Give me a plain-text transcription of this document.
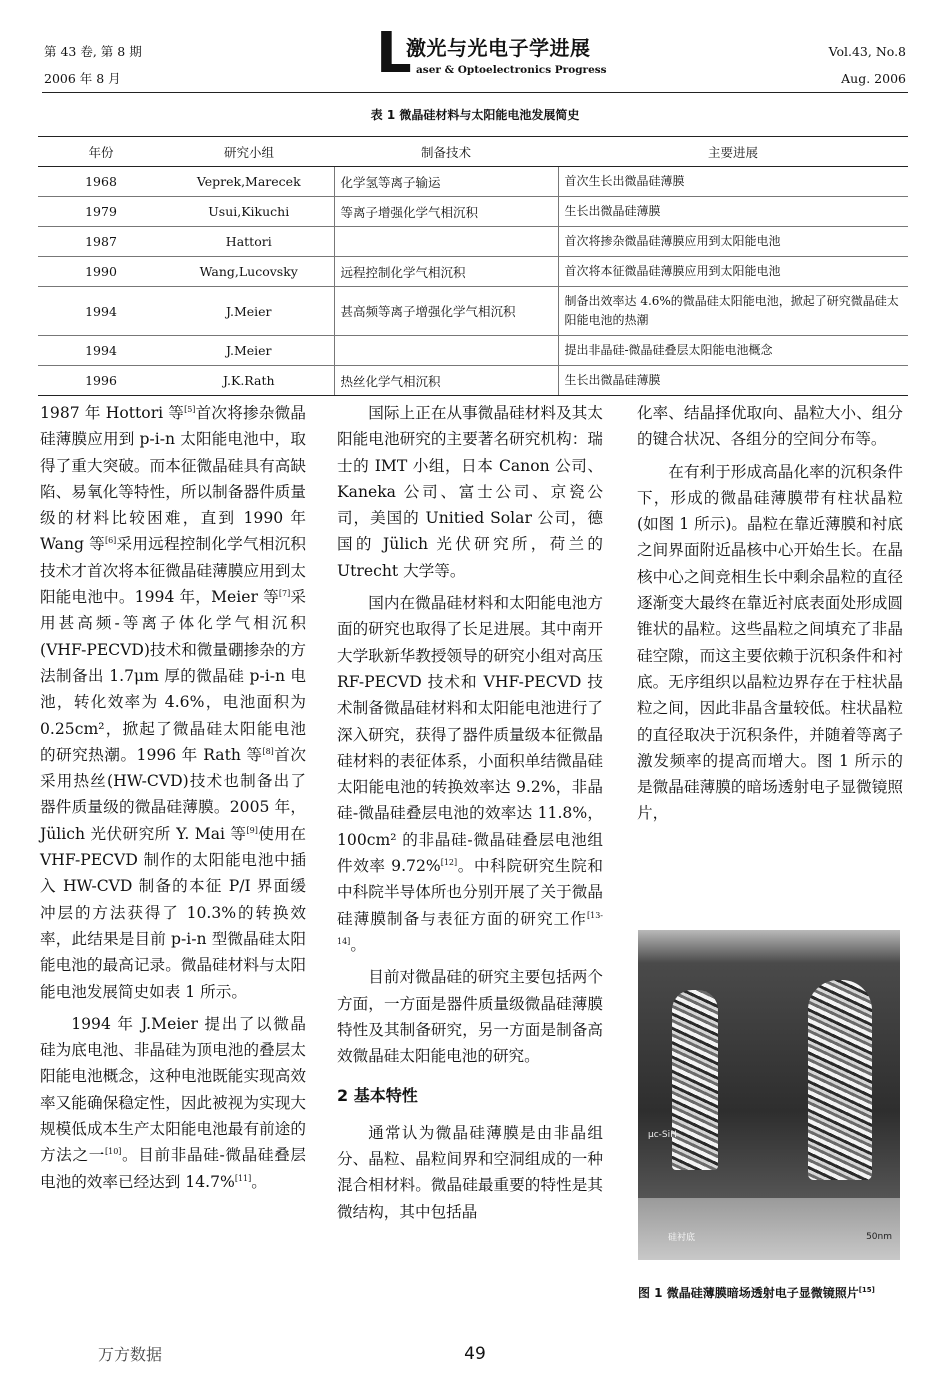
第 43 卷, 第 8 期
2006 年 8 月	L
激光与光电子学进展
aser & Optoelectronics Progress
Vol.43, No.8
Aug. 2006
表 1 微晶硅材料与太阳能电池发展简史
年份	研究小组	制备技术	主要进展
1968	Veprek,Marecek	化学氢等离子输运	首次生长出微晶硅薄膜
1979	Usui,Kikuchi	等离子增强化学气相沉积	生长出微晶硅薄膜
1987	Hattori		首次将掺杂微晶硅薄膜应用到太阳能电池
1990	Wang,Lucovsky	远程控制化学气相沉积	首次将本征微晶硅薄膜应用到太阳能电池
1994	J.Meier	甚高频等离子增强化学气相沉积	制备出效率达 4.6%的微晶硅太阳能电池，掀起了研究微晶硅太阳能电池的热潮
1994	J.Meier		提出非晶硅-微晶硅叠层太阳能电池概念
1996	J.K.Rath	热丝化学气相沉积	生长出微晶硅薄膜

1987 年 Hottori 等[5]首次将掺杂微晶硅薄膜应用到 p-i-n 太阳能电池中，取得了重大突破。而本征微晶硅具有高缺陷、易氧化等特性，所以制备器件质量级的材料比较困难，直到 1990 年 Wang 等[6]采用远程控制化学气相沉积技术才首次将本征微晶硅薄膜应用到太阳能电池中。1994 年，Meier 等[7]采用甚高频-等离子体化学气相沉积 (VHF-PECVD)技术和微量硼掺杂的方法制备出 1.7μm 厚的微晶硅 p-i-n 电池，转化效率为 4.6%，电池面积为 0.25cm²，掀起了微晶硅太阳能电池的研究热潮。1996 年 Rath 等[8]首次采用热丝(HW-CVD)技术也制备出了器件质量级的微晶硅薄膜。2005 年，Jülich 光伏研究所 Y. Mai 等[9]使用在 VHF-PECVD 制作的太阳能电池中插入 HW-CVD 制备的本征 P/I 界面缓冲层的方法获得了 10.3%的转换效率，此结果是目前 p-i-n 型微晶硅太阳能电池的最高记录。微晶硅材料与太阳能电池发展简史如表 1 所示。

1994 年 J.Meier 提出了以微晶硅为底电池、非晶硅为顶电池的叠层太阳能电池概念，这种电池既能实现高效率又能确保稳定性，因此被视为实现大规模低成本生产太阳能电池最有前途的方法之一[10]。目前非晶硅-微晶硅叠层电池的效率已经达到 14.7%[11]。

国际上正在从事微晶硅材料及其太阳能电池研究的主要著名研究机构：瑞士的 IMT 小组，日本 Canon 公司、Kaneka 公司、富士公司、京瓷公司，美国的 Unitied Solar 公司，德国的 Jülich 光伏研究所，荷兰的 Utrecht 大学等。

国内在微晶硅材料和太阳能电池方面的研究也取得了长足进展。其中南开大学耿新华教授领导的研究小组对高压 RF-PECVD 技术和 VHF-PECVD 技术制备微晶硅材料和太阳能电池进行了深入研究，获得了器件质量级本征微晶硅材料的表征体系，小面积单结微晶硅太阳能电池的转换效率达 9.2%，非晶硅-微晶硅叠层电池的效率达 11.8%，100cm² 的非晶硅-微晶硅叠层电池组件效率 9.72%[12]。中科院研究生院和中科院半导体所也分别开展了关于微晶硅薄膜制备与表征方面的研究工作[13-14]。

目前对微晶硅的研究主要包括两个方面，一方面是器件质量级微晶硅薄膜特性及其制备研究，另一方面是制备高效微晶硅太阳能电池的研究。

2 基本特性

通常认为微晶硅薄膜是由非晶组分、晶粒、晶粒间界和空洞组成的一种混合相材料。微晶硅最重要的特性是其微结构，其中包括晶

化率、结晶择优取向、晶粒大小、组分的键合状况、各组分的空间分布等。

在有利于形成高晶化率的沉积条件下，形成的微晶硅薄膜带有柱状晶粒(如图 1 所示)。晶粒在靠近薄膜和衬底之间界面附近晶核中心开始生长。在晶核中心之间竞相生长中剩余晶粒的直径逐渐变大最终在靠近衬底表面处形成圆锥状的晶粒。这些晶粒之间填充了非晶硅空隙，而这主要依赖于沉积条件和衬底。无序组织以晶粒边界存在于柱状晶粒之间，因此非晶含量较低。柱状晶粒的直径取决于沉积条件，并随着等离子激发频率的提高而增大。图 1 所示的是微晶硅薄膜的暗场透射电子显微镜照片，

μc-SiH
硅衬底	50nm
图 1 微晶硅薄膜暗场透射电子显微镜照片[15]
万方数据	49
